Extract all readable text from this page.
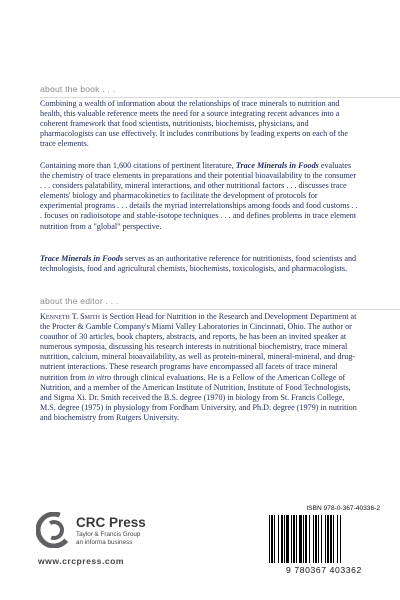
about the book . . .

Combining a wealth of information about the relationships of trace minerals to nutrition and health, this valuable reference meets the need for a source integrating recent advances into a coherent framework that food scientists, nutritionists, biochemists, physicians, and pharmacologists can use effectively. It includes contributions by leading experts on each of the trace elements.

Containing more than 1,600 citations of pertinent literature, Trace Minerals in Foods evaluates the chemistry of trace elements in preparations and their potential bioavailability to the consumer . . . considers palatability, mineral interactions, and other nutritional factors . . . discusses trace elements' biology and pharmacokinetics to facilitate the development of protocols for experimental programs . . . details the myriad interrelationships among foods and food customs . . . focuses on radioisotope and stable-isotope techniques . . . and defines problems in trace element nutrition from a "global" perspective.

Trace Minerals in Foods serves as an authoritative reference for nutritionists, food scientists and technologists, food and agricultural chemists, biochemists, toxicologists, and pharmacologists.

about the editor . . .

Kenneth T. Smith is Section Head for Nutrition in the Research and Development Department at the Procter & Gamble Company's Miami Valley Laboratories in Cincinnati, Ohio. The author or coauthor of 30 articles, book chapters, abstracts, and reports, he has been an invited speaker at numerous symposia, discussing his research interests in nutritional biochemistry, trace mineral nutrition, calcium, mineral bioavailability, as well as protein-mineral, mineral-mineral, and drug-nutrient interactions. These research programs have encompassed all facets of trace mineral nutrition from in vitro through clinical evaluations. He is a Fellow of the American College of Nutrition, and a member of the American Institute of Nutrition, Institute of Food Technologists, and Sigma Xi. Dr. Smith received the B.S. degree (1970) in biology from St. Francis College, M.S. degree (1975) in physiology from Fordham University, and Ph.D. degree (1979) in nutrition and biochemistry from Rutgers University.

CRC Press
Taylor & Francis Group
an informa business
www.crcpress.com
ISBN 978-0-367-40336-2
9 780367 403362
